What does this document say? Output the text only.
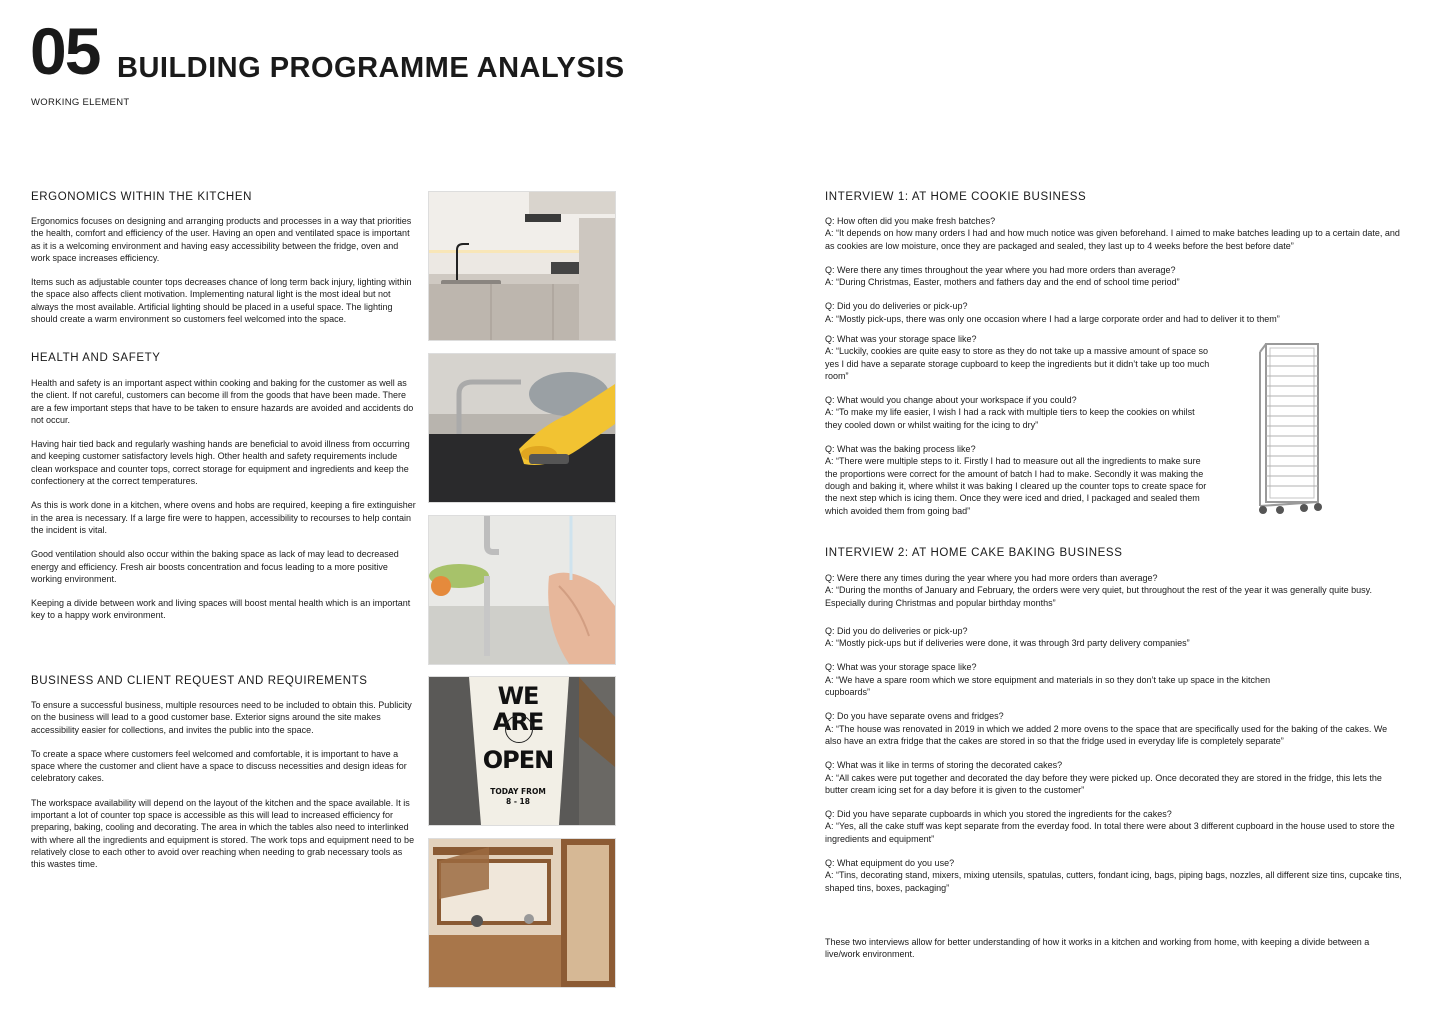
05 BUILDING PROGRAMME ANALYSIS
WORKING ELEMENT
ERGONOMICS WITHIN THE KITCHEN

Ergonomics focuses on designing and arranging products and processes in a way that priorities the health, comfort and efficiency of the user. Having an open and ventilated space is important as it is a welcoming environment and having easy accessibility between the fridge, oven and work space increases efficiency.

Items such as adjustable counter tops decreases chance of long term back injury, lighting within the space also affects client motivation. Implementing natural light is the most ideal but not always the most available. Artificial lighting should be placed in a useful space. The lighting should create a warm environment so customers feel welcomed into the space.

HEALTH AND SAFETY

Health and safety is an important aspect within cooking and baking for the customer as well as the client. If not careful, customers can become ill from the goods that have been made. There are a few important steps that have to be taken to ensure hazards are avoided and accidents do not occur.

Having hair tied back and regularly washing hands are beneficial to avoid illness from occurring and keeping customer satisfactory levels high. Other health and safety requirements include clean workspace and counter tops, correct storage for equipment and ingredients and keep the confectionery at the correct temperatures.

As this is work done in a kitchen, where ovens and hobs are required, keeping a fire extinguisher in the area is necessary. If a large fire were to happen, accessibility to recourses to help contain the incident is vital.

Good ventilation should also occur within the baking space as lack of may lead to decreased energy and efficiency. Fresh air boosts concentration and focus leading to a more positive working environment.

Keeping a divide between work and living spaces will boost mental health which is an important key to a happy work environment.

BUSINESS AND CLIENT REQUEST AND REQUIREMENTS

To ensure a successful business, multiple resources need to be included to obtain this. Publicity on the business will lead to a good customer base. Exterior signs around the site makes accessibility easier for collections, and invites the public into the space.

To create a space where customers feel welcomed and comfortable, it is important to have a space where the customer and client have a space to discuss necessities and design ideas for celebratory cakes.

The workspace availability will depend on the layout of the kitchen and the space available. It is important a lot of counter top space is accessible as this will lead to increased efficiency for preparing, baking, cooling and decorating. The area in which the tables also need to interlinked with where all the ingredients and equipment is stored. The work tops and equipment need to be relatively close to each other to avoid over reaching when needing to grab necessary tools as this wastes time.

WE ARE
OPEN
TODAY FROM
8 - 18
INTERVIEW 1: AT HOME COOKIE BUSINESS
Q: How often did you make fresh batches?
A: “It depends on how many orders I had and how much notice was given beforehand. I aimed to make batches leading up to a certain date, and as cookies are low moisture, once they are packaged and sealed, they last up to 4 weeks before the best before date”
Q: Were there any times throughout the year where you had more orders than average?
A: “During Christmas, Easter, mothers and fathers day and the end of school time period”
Q: Did you do deliveries or pick-up?
A: “Mostly pick-ups, there was only one occasion where I had a large corporate order and had to deliver it to them”
Q: What was your storage space like?
A: “Luckily, cookies are quite easy to store as they do not take up a massive amount of space so yes I did have a separate storage cupboard to keep the ingredients but it didn’t take up too much room”
Q: What would you change about your workspace if you could?
A: “To make my life easier, I wish I had a rack with multiple tiers to keep the cookies on whilst they cooled down or whilst waiting for the icing to dry”
Q: What was the baking process like?
A: “There were multiple steps to it. Firstly I had to measure out all the ingredients to make sure the proportions were correct for the amount of batch I had to make. Secondly it was making the dough and baking it, where whilst it was baking I cleared up the counter tops to create space for the next step which is icing them. Once they were iced and dried, I packaged and sealed them which avoided them from going bad”
INTERVIEW 2: AT HOME CAKE BAKING BUSINESS
Q: Were there any times during the year where you had more orders than average?
A: “During the months of January and February, the orders were very quiet, but throughout the rest of the year it was generally quite busy. Especially during Christmas and popular birthday months”
Q: Did you do deliveries or pick-up?
A: “Mostly pick-ups but if deliveries were done, it was through 3rd party delivery companies”
Q: What was your storage space like?
A: “We have a spare room which we store equipment and materials in so they don’t take up space in the kitchen cupboards”
Q: Do you have separate ovens and fridges?
A: “The house was renovated in 2019 in which we added 2 more ovens to the space that are specifically used for the baking of the cakes. We also have an extra fridge that the cakes are stored in so that the fridge used in everyday life is completely separate”
Q: What was it like in terms of storing the decorated cakes?
A: “All cakes were put together and decorated the day before they were picked up. Once decorated they are stored in the fridge, this lets the butter cream icing set for a day before it is given to the customer”
Q: Did you have separate cupboards in which you stored the ingredients for the cakes?
A: “Yes, all the cake stuff was kept separate from the everday food. In total there were about 3 different cupboard in the house used to store the ingredients and equipment”
Q: What equipment do you use?
A: “Tins, decorating stand, mixers, mixing utensils, spatulas, cutters, fondant icing, bags, piping bags, nozzles, all different size tins, cupcake tins, shaped tins, boxes, packaging”

These two interviews allow for better understanding of how it works in a kitchen and working from home, with keeping a divide between a live/work environment.
